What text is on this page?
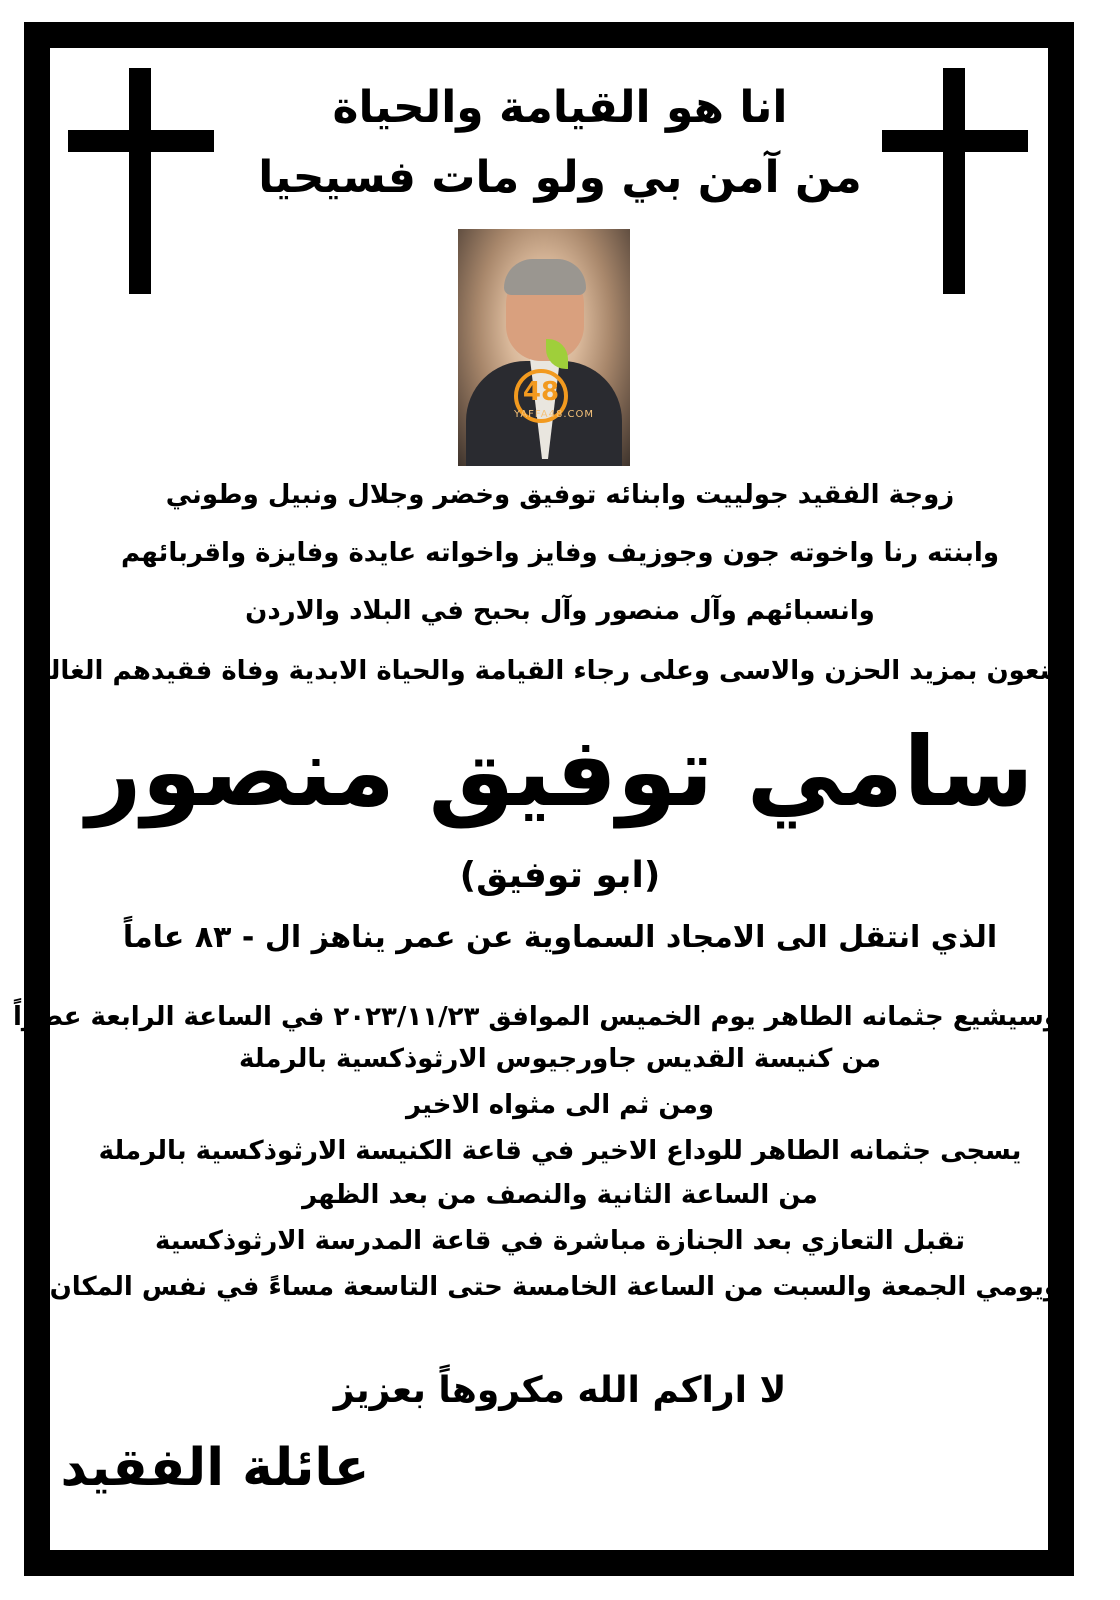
انا هو القيامة والحياة
من آمن بي ولو مات فسيحيا
48
YAFFA48.COM
زوجة الفقيد جولييت وابنائه توفيق وخضر وجلال ونبيل وطوني
وابنته رنا واخوته جون وجوزيف وفايز واخواته عايدة وفايزة واقربائهم
وانسبائهم وآل منصور وآل بحبح في البلاد والاردن
ينعون بمزيد الحزن والاسى وعلى رجاء القيامة والحياة الابدية وفاة فقيدهم الغالي
سامي توفيق منصور
(ابو توفيق)
الذي انتقل الى الامجاد السماوية عن عمر يناهز ال - ٨٣ عاماً
وسيشيع جثمانه الطاهر يوم الخميس الموافق ٢٠٢٣/١١/٢٣ في الساعة الرابعة عصراً
من كنيسة القديس جاورجيوس الارثوذكسية بالرملة
ومن ثم الى مثواه الاخير
يسجى جثمانه الطاهر للوداع الاخير في قاعة الكنيسة الارثوذكسية بالرملة
من الساعة الثانية والنصف من بعد الظهر
تقبل التعازي بعد الجنازة مباشرة في قاعة المدرسة الارثوذكسية
ويومي الجمعة والسبت من الساعة الخامسة حتى التاسعة مساءً في نفس المكان
لا اراكم الله مكروهاً بعزيز
عائلة الفقيد
